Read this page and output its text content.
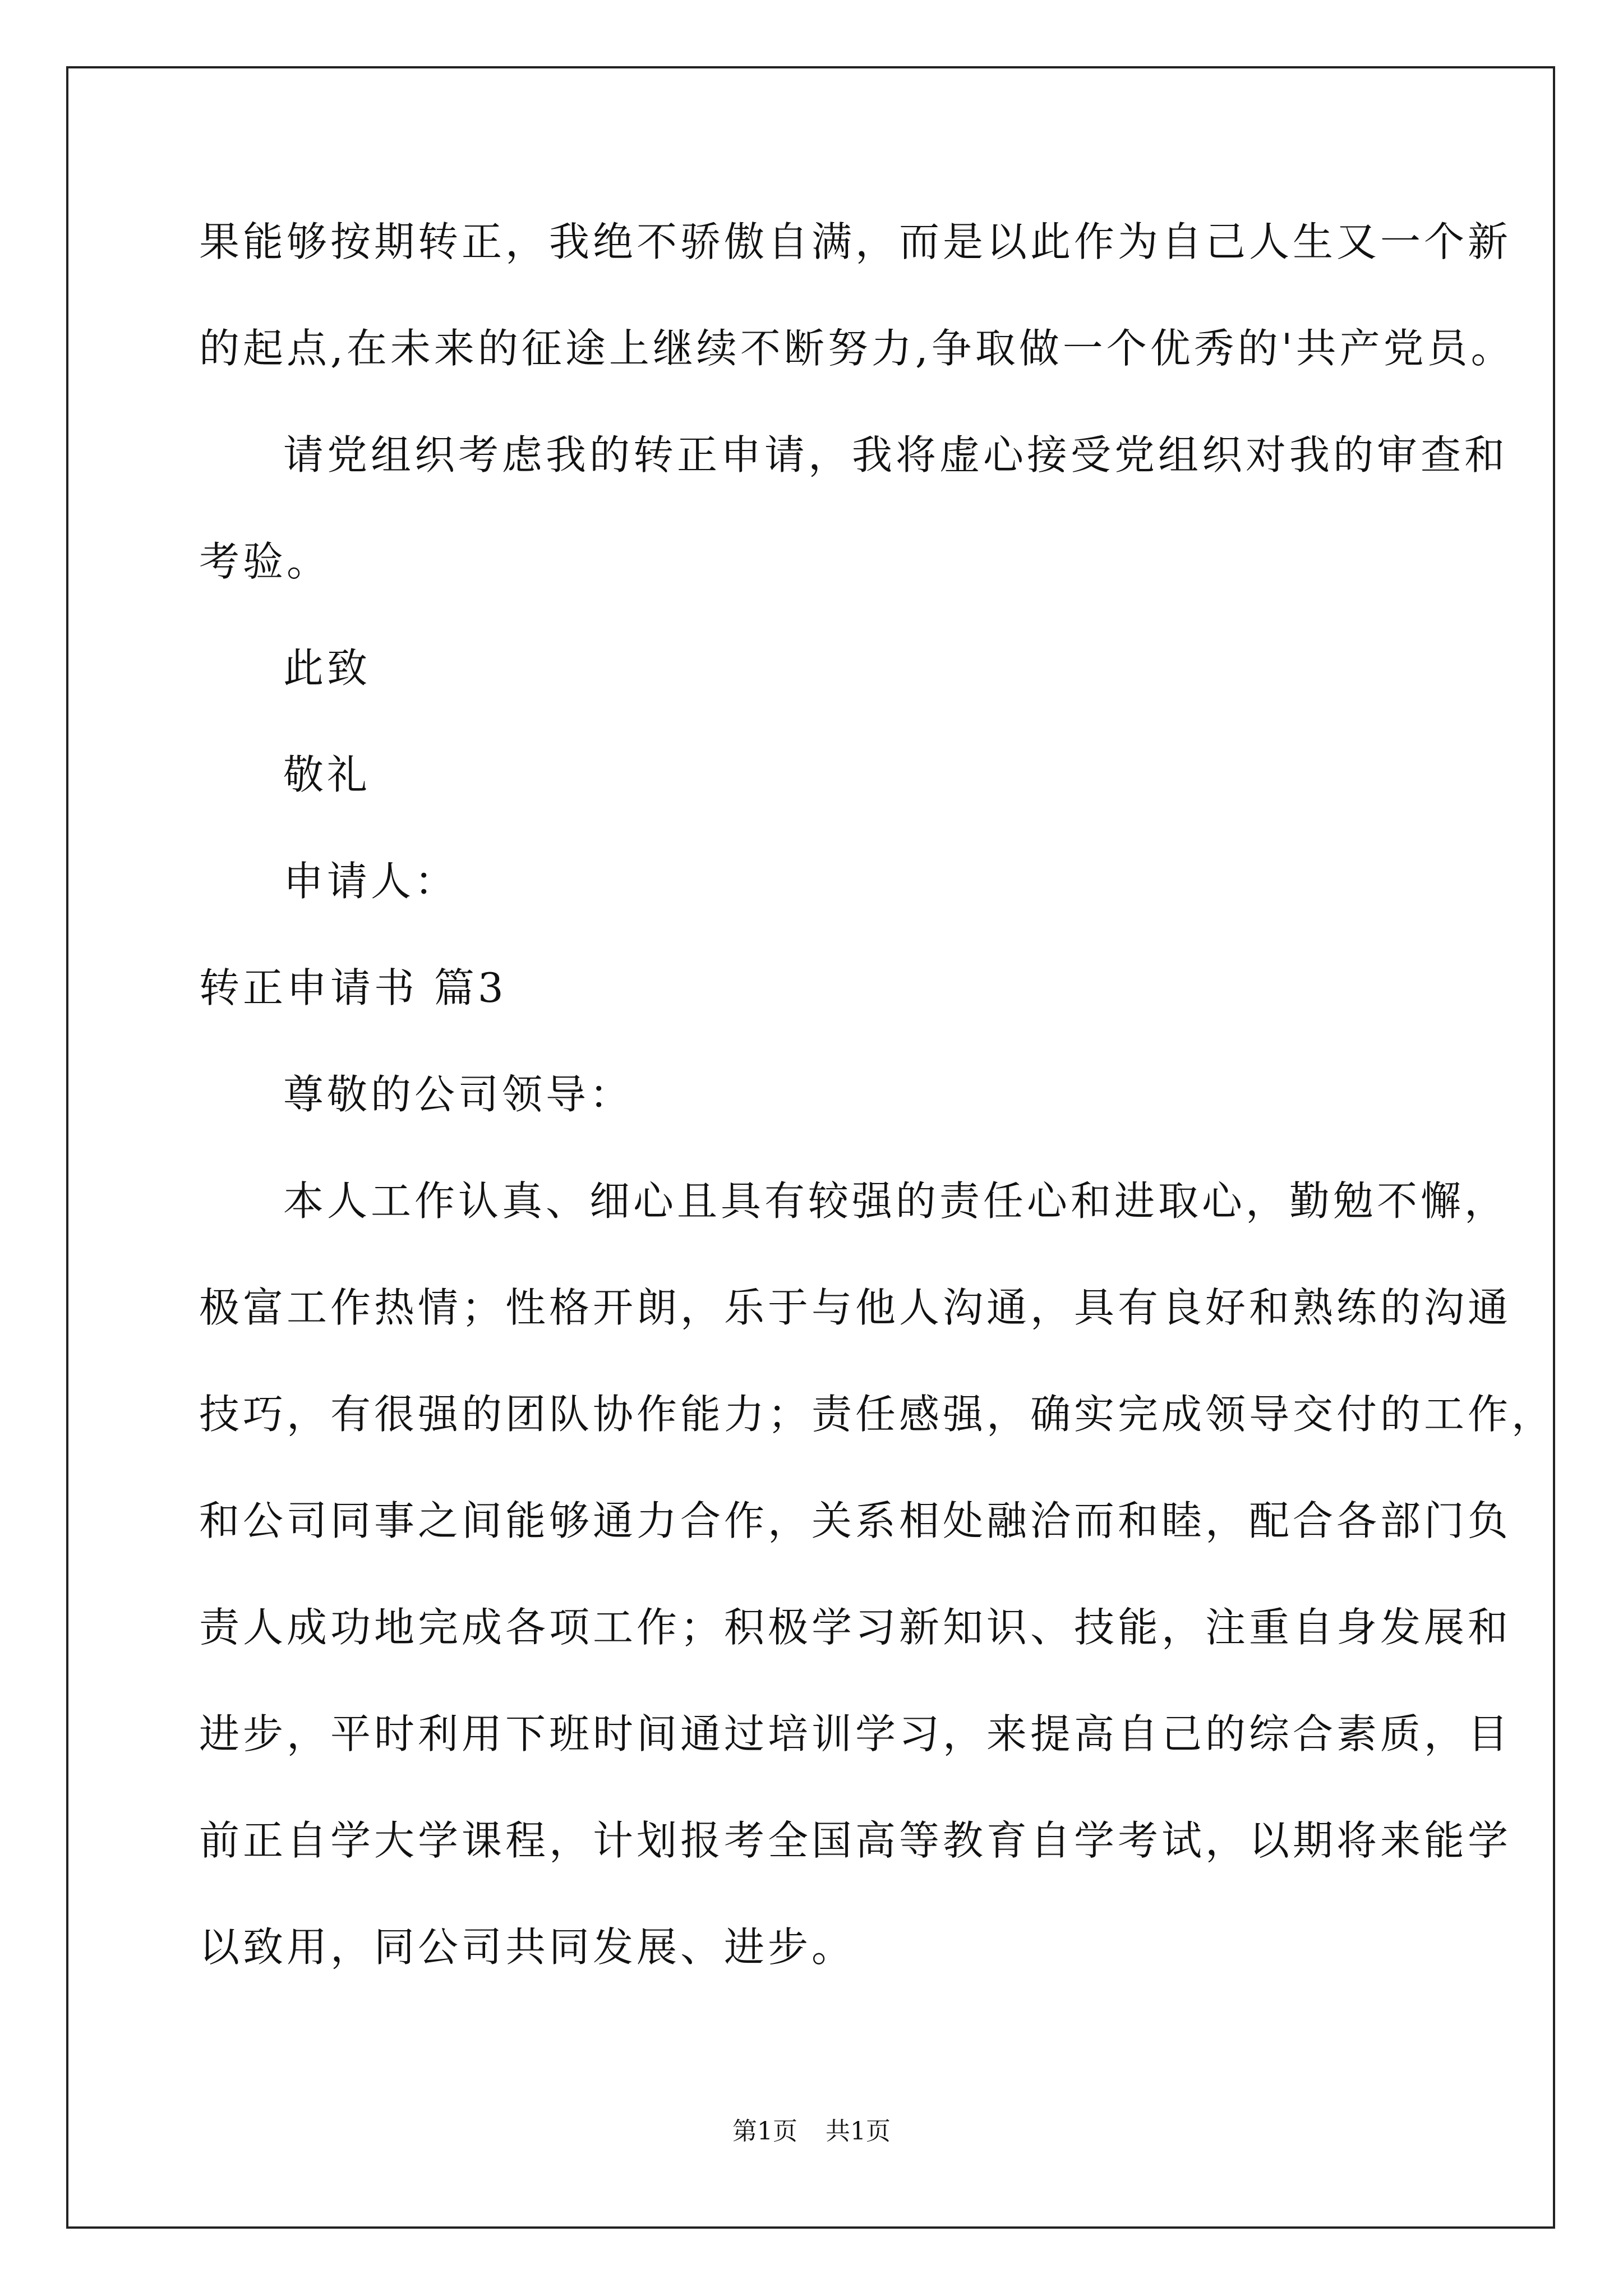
果能够按期转正，我绝不骄傲自满，而是以此作为自己人生又一个新
的起点,在未来的征途上继续不断努力,争取做一个优秀的'共产党员。
请党组织考虑我的转正申请，我将虚心接受党组织对我的审查和
考验。
此致
敬礼
申请人：
转正申请书 篇3
尊敬的公司领导：
本人工作认真、细心且具有较强的责任心和进取心，勤勉不懈，
极富工作热情；性格开朗，乐于与他人沟通，具有良好和熟练的沟通
技巧，有很强的团队协作能力；责任感强，确实完成领导交付的工作，
和公司同事之间能够通力合作，关系相处融洽而和睦，配合各部门负
责人成功地完成各项工作；积极学习新知识、技能，注重自身发展和
进步，平时利用下班时间通过培训学习，来提高自己的综合素质，目
前正自学大学课程，计划报考全国高等教育自学考试，以期将来能学
以致用，同公司共同发展、进步。
第1页 共1页
